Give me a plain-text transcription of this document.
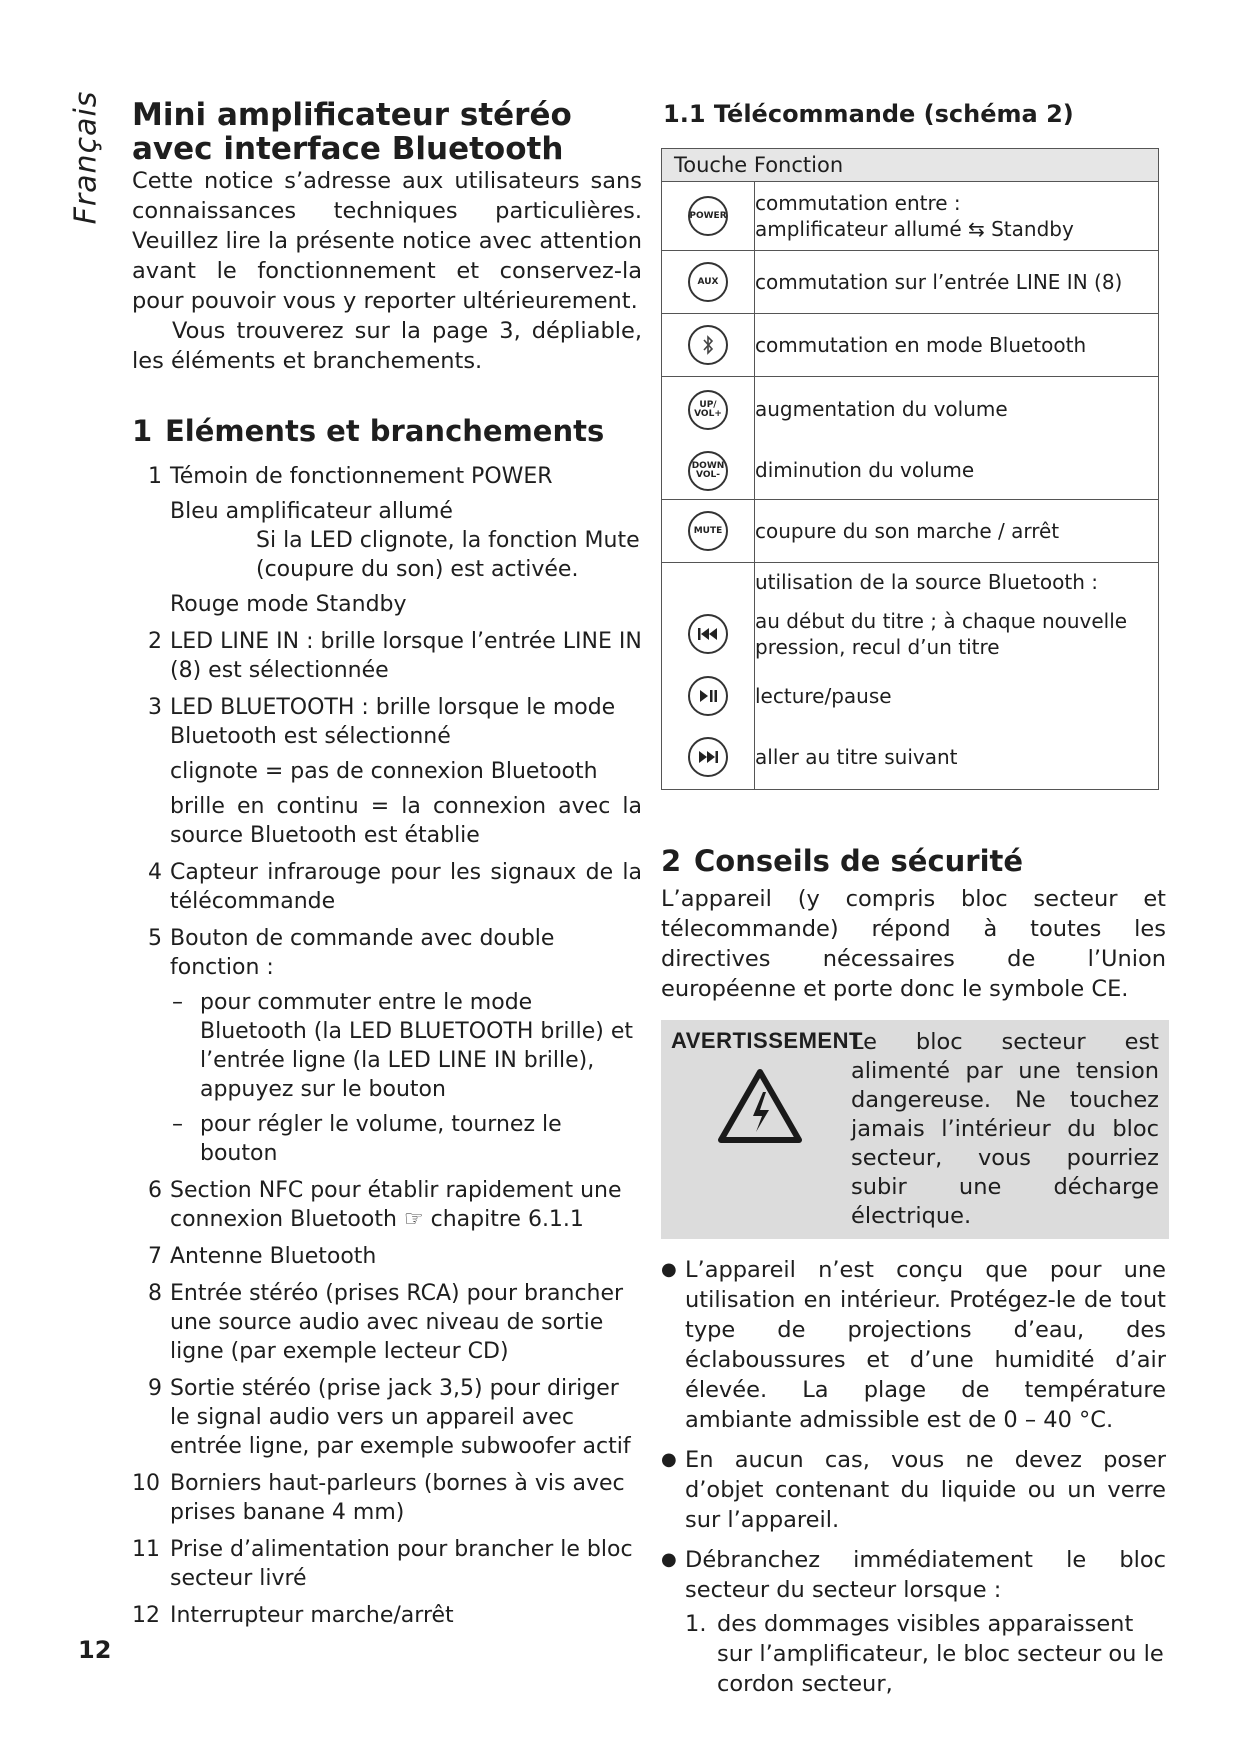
Français Mini amplificateur stéréo
avec interface Bluetooth

Cette notice s’adresse aux utilisateurs sans connaissances techniques particulières. Veuillez lire la présente notice avec attention avant le fonctionnement et conservez-la pour pouvoir vous y reporter ultérieurement.

Vous trouverez sur la page 3, dépliable, les éléments et branchements.

1 Eléments et branchements
1 Témoin de fonctionnement POWER
Bleu amplificateur allumé
Si la LED clignote, la fonction Mute (coupure du son) est activée.
Rouge mode Standby
2 LED LINE IN : brille lorsque l’entrée LINE IN (8) est sélectionnée
3 LED BLUETOOTH : brille lorsque le mode Bluetooth est sélectionné
clignote = pas de connexion Bluetooth
brille en continu = la connexion avec la source Bluetooth est établie
4 Capteur infrarouge pour les signaux de la télécommande
5 Bouton de commande avec double fonction :
– pour commuter entre le mode Bluetooth (la LED BLUETOOTH brille) et l’entrée ligne (la LED LINE IN brille), appuyez sur le bouton
– pour régler le volume, tournez le bouton
6 Section NFC pour établir rapidement une connexion Bluetooth ☞ chapitre 6.1.1
7 Antenne Bluetooth
8 Entrée stéréo (prises RCA) pour brancher une source audio avec niveau de sortie ligne (par exemple lecteur CD)
9 Sortie stéréo (prise jack 3,5) pour diriger le signal audio vers un appareil avec entrée ligne, par exemple subwoofer actif
10 Borniers haut-parleurs (bornes à vis avec prises banane 4 mm)
11 Prise d’alimentation pour brancher le bloc secteur livré
12 Interrupteur marche/arrêt
1.1 Télécommande (schéma 2)
Touche Fonction	
POWER	commutation entre :
amplificateur allumé ⇆ Standby

AUX	commutation sur l’entrée LINE IN (8)

	commutation en mode Bluetooth

UP/
VOL+	augmentation du volume

DOWN
VOL-	diminution du volume
MUTE	coupure du son marche / arrêt
	utilisation de la source Bluetooth :

	au début du titre ; à chaque nouvelle pression, recul d’un titre

	lecture/pause

	aller au titre suivant
2 Conseils de sécurité

L’appareil (y compris bloc secteur et télecommande) répond à toutes les directives nécessaires de l’Union européenne et porte donc le symbole CE.

AVERTISSEMENT
Le bloc secteur est alimenté par une tension dangereuse. Ne touchez jamais l’intérieur du bloc secteur, vous pourriez subir une décharge électrique.
● L’appareil n’est conçu que pour une utilisation en intérieur. Protégez-le de tout type de projections d’eau, des éclaboussures et d’une humidité d’air élevée. La plage de température ambiante admissible est de 0 – 40 °C.
● En aucun cas, vous ne devez poser d’objet contenant du liquide ou un verre sur l’appareil.
● Débranchez immédiatement le bloc secteur du secteur lorsque :
1. des dommages visibles apparaissent sur l’amplificateur, le bloc secteur ou le cordon secteur,
12
